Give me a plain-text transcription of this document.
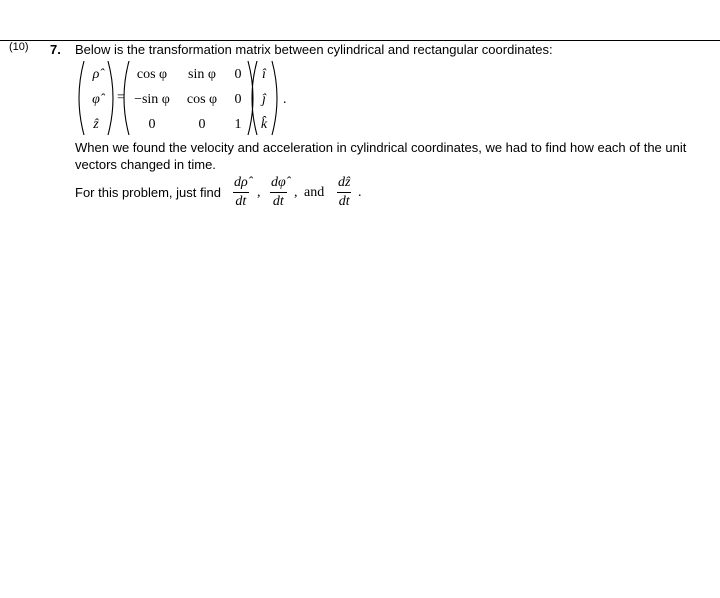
(10) 7. Below is the transformation matrix between cylindrical and rectangular coordinates:
ρ̂
φ̂
ẑ
=
cos φ sin φ 0
−sin φ cos φ 0
0	0 1
î
ĵ
k̂
.
When we found the velocity and acceleration in cylindrical coordinates, we had to find how each of the unit vectors changed in time.
For this problem, just find
dρ̂
dt
,
dφ̂
dt
, and
dẑ
dt
.
